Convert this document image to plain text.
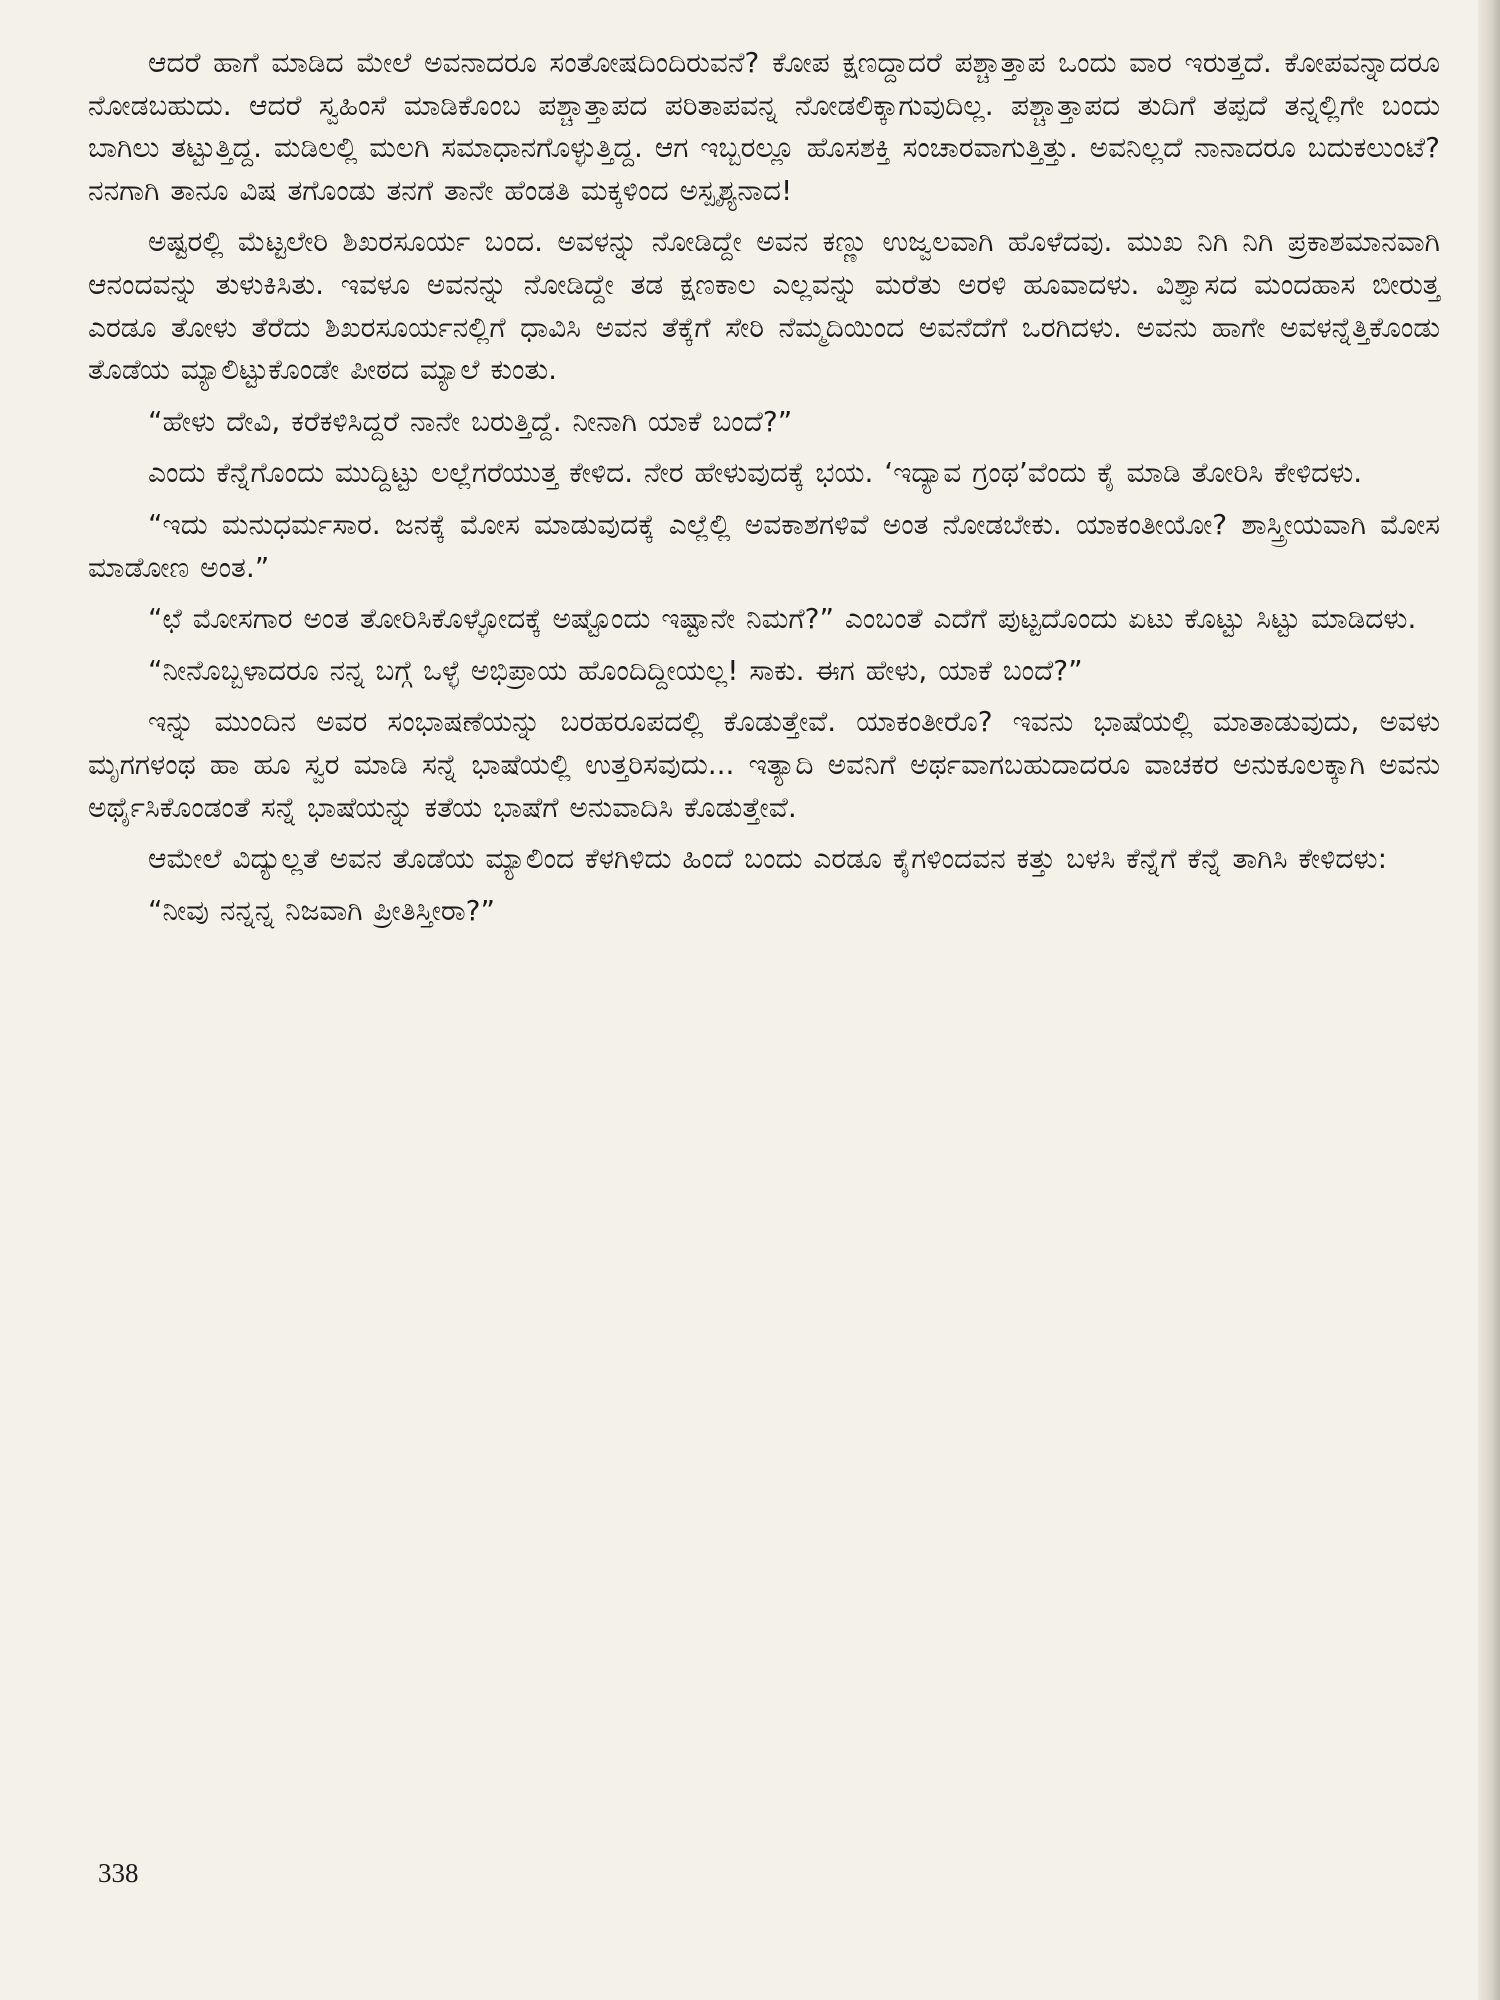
ಆದರೆ ಹಾಗೆ ಮಾಡಿದ ಮೇಲೆ ಅವನಾದರೂ ಸಂತೋಷದಿಂದಿರುವನೆ? ಕೋಪ ಕ್ಷಣದ್ದಾದರೆ ಪಶ್ಚಾತ್ತಾಪ ಒಂದು ವಾರ ಇರುತ್ತದೆ. ಕೋಪವನ್ನಾದರೂ ನೋಡಬಹುದು. ಆದರೆ ಸ್ವಹಿಂಸೆ ಮಾಡಿಕೊಂಬ ಪಶ್ಚಾತ್ತಾಪದ ಪರಿತಾಪವನ್ನ ನೋಡಲಿಕ್ಕಾಗುವುದಿಲ್ಲ. ಪಶ್ಚಾತ್ತಾಪದ ತುದಿಗೆ ತಪ್ಪದೆ ತನ್ನಲ್ಲಿಗೇ ಬಂದು ಬಾಗಿಲು ತಟ್ಟುತ್ತಿದ್ದ. ಮಡಿಲಲ್ಲಿ ಮಲಗಿ ಸಮಾಧಾನಗೊಳ್ಳುತ್ತಿದ್ದ. ಆಗ ಇಬ್ಬರಲ್ಲೂ ಹೊಸಶಕ್ತಿ ಸಂಚಾರವಾಗುತ್ತಿತ್ತು. ಅವನಿಲ್ಲದೆ ನಾನಾದರೂ ಬದುಕಲುಂಟೆ? ನನಗಾಗಿ ತಾನೂ ವಿಷ ತಗೊಂಡು ತನಗೆ ತಾನೇ ಹೆಂಡತಿ ಮಕ್ಕಳಿಂದ ಅಸ್ಪೃಶ್ಯನಾದ!

ಅಷ್ಟರಲ್ಲಿ ಮೆಟ್ಟಲೇರಿ ಶಿಖರಸೂರ್ಯ ಬಂದ. ಅವಳನ್ನು ನೋಡಿದ್ದೇ ಅವನ ಕಣ್ಣು ಉಜ್ವಲವಾಗಿ ಹೊಳೆದವು. ಮುಖ ನಿಗಿ ನಿಗಿ ಪ್ರಕಾಶಮಾನವಾಗಿ ಆನಂದವನ್ನು ತುಳುಕಿಸಿತು. ಇವಳೂ ಅವನನ್ನು ನೋಡಿದ್ದೇ ತಡ ಕ್ಷಣಕಾಲ ಎಲ್ಲವನ್ನು ಮರೆತು ಅರಳಿ ಹೂವಾದಳು. ವಿಶ್ವಾಸದ ಮಂದಹಾಸ ಬೀರುತ್ತ ಎರಡೂ ತೋಳು ತೆರೆದು ಶಿಖರಸೂರ್ಯನಲ್ಲಿಗೆ ಧಾವಿಸಿ ಅವನ ತೆಕ್ಕೆಗೆ ಸೇರಿ ನೆಮ್ಮದಿಯಿಂದ ಅವನೆದೆಗೆ ಒರಗಿದಳು. ಅವನು ಹಾಗೇ ಅವಳನ್ನೆತ್ತಿಕೊಂಡು ತೊಡೆಯ ಮ್ಯಾಲಿಟ್ಟುಕೊಂಡೇ ಪೀಠದ ಮ್ಯಾಲೆ ಕುಂತು.

“ಹೇಳು ದೇವಿ, ಕರೆಕಳಿಸಿದ್ದರೆ ನಾನೇ ಬರುತ್ತಿದ್ದೆ. ನೀನಾಗಿ ಯಾಕೆ ಬಂದೆ?”

ಎಂದು ಕೆನ್ನೆಗೊಂದು ಮುದ್ದಿಟ್ಟು ಲಲ್ಲೆಗರೆಯುತ್ತ ಕೇಳಿದ. ನೇರ ಹೇಳುವುದಕ್ಕೆ ಭಯ. ‘ಇದ್ಯಾವ ಗ್ರಂಥ’ವೆಂದು ಕೈ ಮಾಡಿ ತೋರಿಸಿ ಕೇಳಿದಳು.

“ಇದು ಮನುಧರ್ಮಸಾರ. ಜನಕ್ಕೆ ಮೋಸ ಮಾಡುವುದಕ್ಕೆ ಎಲ್ಲೆಲ್ಲಿ ಅವಕಾಶಗಳಿವೆ ಅಂತ ನೋಡಬೇಕು. ಯಾಕಂತೀಯೋ? ಶಾಸ್ತ್ರೀಯವಾಗಿ ಮೋಸ ಮಾಡೋಣ ಅಂತ.”

“ಛೆ ಮೋಸಗಾರ ಅಂತ ತೋರಿಸಿಕೊಳ್ಳೋದಕ್ಕೆ ಅಷ್ಟೊಂದು ಇಷ್ಟಾನೇ ನಿಮಗೆ?” ಎಂಬಂತೆ ಎದೆಗೆ ಪುಟ್ಟದೊಂದು ಏಟು ಕೊಟ್ಟು ಸಿಟ್ಟು ಮಾಡಿದಳು.

“ನೀನೊಬ್ಬಳಾದರೂ ನನ್ನ ಬಗ್ಗೆ ಒಳ್ಳೆ ಅಭಿಪ್ರಾಯ ಹೊಂದಿದ್ದೀಯಲ್ಲ! ಸಾಕು. ಈಗ ಹೇಳು, ಯಾಕೆ ಬಂದೆ?”

ಇನ್ನು ಮುಂದಿನ ಅವರ ಸಂಭಾಷಣೆಯನ್ನು ಬರಹರೂಪದಲ್ಲಿ ಕೊಡುತ್ತೇವೆ. ಯಾಕಂತೀರೊ? ಇವನು ಭಾಷೆಯಲ್ಲಿ ಮಾತಾಡುವುದು, ಅವಳು ಮೃಗಗಳಂಥ ಹಾ ಹೂ ಸ್ವರ ಮಾಡಿ ಸನ್ನೆ ಭಾಷೆಯಲ್ಲಿ ಉತ್ತರಿಸವುದು... ಇತ್ಯಾದಿ ಅವನಿಗೆ ಅರ್ಥವಾಗಬಹುದಾದರೂ ವಾಚಕರ ಅನುಕೂಲಕ್ಕಾಗಿ ಅವನು ಅರ್ಥೈಸಿಕೊಂಡಂತೆ ಸನ್ನೆ ಭಾಷೆಯನ್ನು ಕತೆಯ ಭಾಷೆಗೆ ಅನುವಾದಿಸಿ ಕೊಡುತ್ತೇವೆ.

ಆಮೇಲೆ ವಿದ್ಯುಲ್ಲತೆ ಅವನ ತೊಡೆಯ ಮ್ಯಾಲಿಂದ ಕೆಳಗಿಳಿದು ಹಿಂದೆ ಬಂದು ಎರಡೂ ಕೈಗಳಿಂದವನ ಕತ್ತು ಬಳಸಿ ಕೆನ್ನೆಗೆ ಕೆನ್ನೆ ತಾಗಿಸಿ ಕೇಳಿದಳು:

“ನೀವು ನನ್ನನ್ನ ನಿಜವಾಗಿ ಪ್ರೀತಿಸ್ತೀರಾ?”

338
